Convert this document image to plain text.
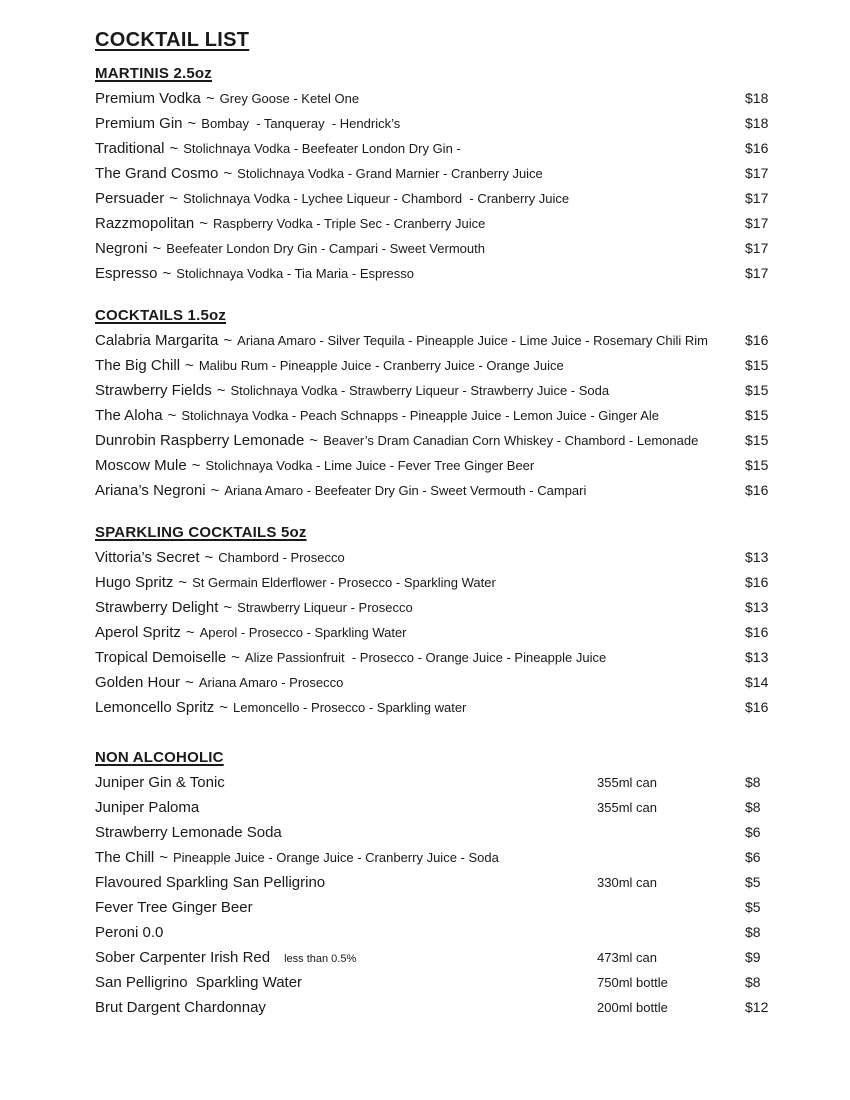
COCKTAIL LIST
MARTINIS 2.5oz
Premium Vodka ~ Grey Goose - Ketel One	$18
Premium Gin ~ Bombay  - Tanqueray  - Hendrick’s	$18
Traditional ~ Stolichnaya Vodka - Beefeater London Dry Gin -	$16
The Grand Cosmo ~ Stolichnaya Vodka - Grand Marnier - Cranberry Juice	$17
Persuader ~ Stolichnaya Vodka - Lychee Liqueur - Chambord  - Cranberry Juice	$17
Razzmopolitan ~ Raspberry Vodka - Triple Sec - Cranberry Juice	$17
Negroni ~ Beefeater London Dry Gin - Campari - Sweet Vermouth	$17
Espresso ~ Stolichnaya Vodka - Tia Maria - Espresso	$17
COCKTAILS 1.5oz
Calabria Margarita ~ Ariana Amaro - Silver Tequila - Pineapple Juice - Lime Juice - Rosemary Chili Rim	$16
The Big Chill ~ Malibu Rum - Pineapple Juice - Cranberry Juice - Orange Juice	$15
Strawberry Fields ~ Stolichnaya Vodka - Strawberry Liqueur - Strawberry Juice - Soda	$15
The Aloha ~ Stolichnaya Vodka - Peach Schnapps - Pineapple Juice - Lemon Juice - Ginger Ale	$15
Dunrobin Raspberry Lemonade ~ Beaver’s Dram Canadian Corn Whiskey - Chambord - Lemonade	$15
Moscow Mule ~ Stolichnaya Vodka - Lime Juice - Fever Tree Ginger Beer	$15
Ariana’s Negroni ~ Ariana Amaro - Beefeater Dry Gin - Sweet Vermouth - Campari	$16
SPARKLING COCKTAILS 5oz
Vittoria’s Secret ~ Chambord - Prosecco	$13
Hugo Spritz ~ St Germain Elderflower - Prosecco - Sparkling Water	$16
Strawberry Delight ~ Strawberry Liqueur - Prosecco	$13
Aperol Spritz ~ Aperol - Prosecco - Sparkling Water	$16
Tropical Demoiselle ~ Alize Passionfruit  - Prosecco - Orange Juice - Pineapple Juice	$13
Golden Hour ~ Ariana Amaro - Prosecco	$14
Lemoncello Spritz ~ Lemoncello - Prosecco - Sparkling water	$16
NON ALCOHOLIC
Juniper Gin & Tonic	355ml can	$8
Juniper Paloma	355ml can	$8
Strawberry Lemonade Soda	$6
The Chill ~ Pineapple Juice - Orange Juice - Cranberry Juice - Soda	$6
Flavoured Sparkling San Pelligrino	330ml can	$5
Fever Tree Ginger Beer	$5
Peroni 0.0	$8
Sober Carpenter Irish Red less than 0.5%	473ml can	$9
San Pelligrino  Sparkling Water	750ml bottle	$8
Brut Dargent Chardonnay	200ml bottle	$12
